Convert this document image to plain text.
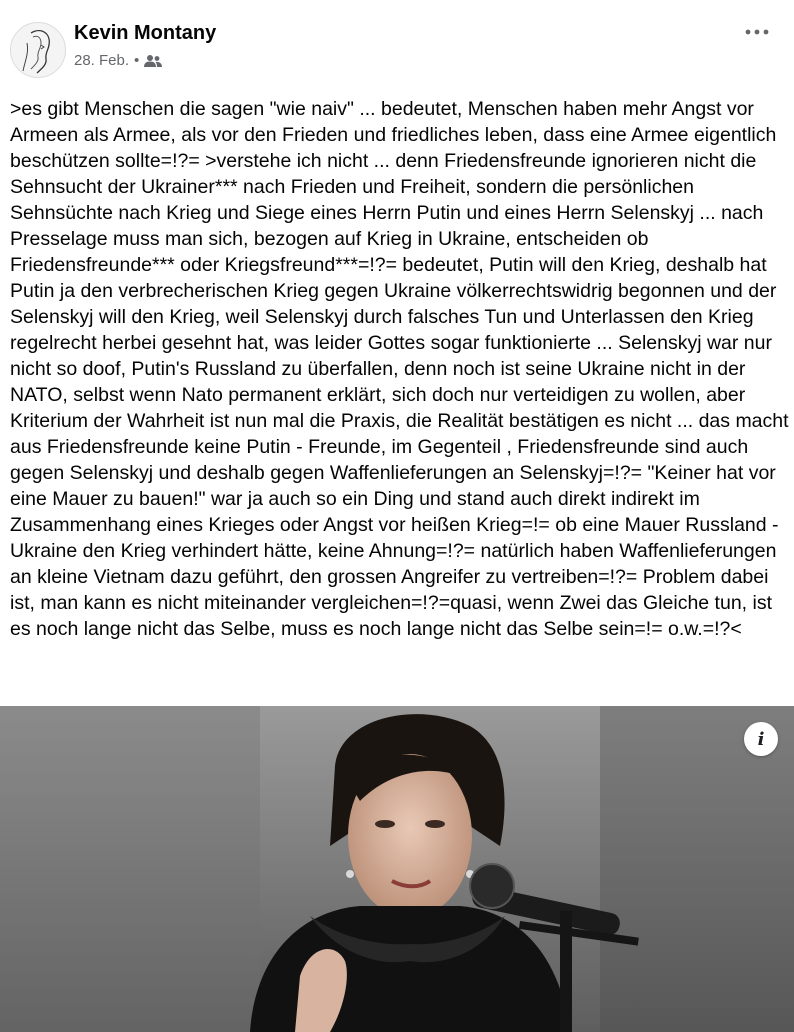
Kevin Montany
28. Feb. •

>es gibt Menschen die sagen "wie naiv" ... bedeutet, Menschen haben mehr Angst vor Armeen als Armee, als vor den Frieden und friedliches leben, dass eine Armee eigentlich beschützen sollte=!?= >verstehe ich nicht ... denn Friedensfreunde ignorieren nicht die Sehnsucht der Ukrainer*** nach Frieden und Freiheit, sondern die persönlichen Sehnsüchte nach Krieg und Siege eines Herrn Putin und eines Herrn Selenskyj ... nach Presselage muss man sich, bezogen auf Krieg in Ukraine, entscheiden ob Friedensfreunde*** oder Kriegsfreund***=!?= bedeutet, Putin will den Krieg, deshalb hat Putin ja den verbrecherischen Krieg gegen Ukraine völkerrechtswidrig begonnen und der Selenskyj will den Krieg, weil Selenskyj durch falsches Tun und Unterlassen den Krieg regelrecht herbei gesehnt hat, was leider Gottes sogar funktionierte ... Selenskyj war nur nicht so doof, Putin's Russland zu überfallen, denn noch ist seine Ukraine nicht in der NATO, selbst wenn Nato permanent erklärt, sich doch nur verteidigen zu wollen, aber Kriterium der Wahrheit ist nun mal die Praxis, die Realität bestätigen es nicht ... das macht aus Friedensfreunde keine Putin - Freunde, im Gegenteil , Friedensfreunde sind auch gegen Selenskyj und deshalb gegen Waffenlieferungen an Selenskyj=!?= "Keiner hat vor eine Mauer zu bauen!" war ja auch so ein Ding und stand auch direkt indirekt im Zusammenhang eines Krieges oder Angst vor heißen Krieg=!= ob eine Mauer Russland - Ukraine den Krieg verhindert hätte, keine Ahnung=!?= natürlich haben Waffenlieferungen an kleine Vietnam dazu geführt, den grossen Angreifer zu vertreiben=!?= Problem dabei ist, man kann es nicht miteinander vergleichen=!?=quasi, wenn Zwei das Gleiche tun, ist es noch lange nicht das Selbe, muss es noch lange nicht das Selbe sein=!= o.w.=!?<

i
